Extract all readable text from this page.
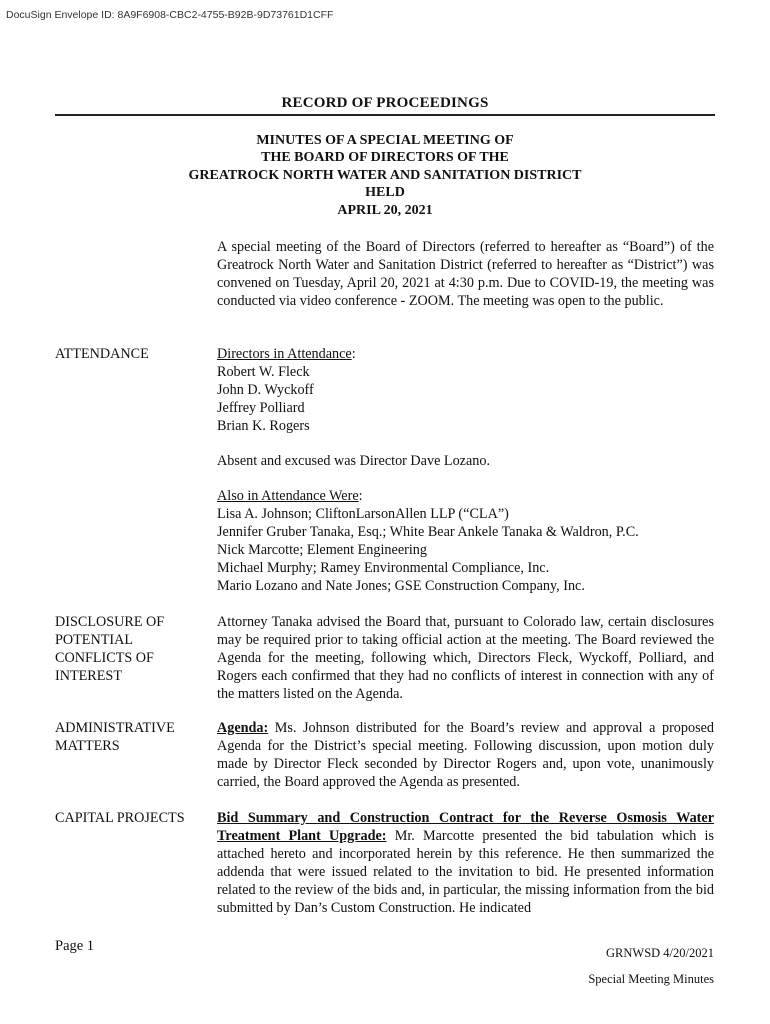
DocuSign Envelope ID: 8A9F6908-CBC2-4755-B92B-9D73761D1CFF
RECORD OF PROCEEDINGS
MINUTES OF A SPECIAL MEETING OF
THE BOARD OF DIRECTORS OF THE
GREATROCK NORTH WATER AND SANITATION DISTRICT
HELD
APRIL 20, 2021

A special meeting of the Board of Directors (referred to hereafter as “Board”) of the Greatrock North Water and Sanitation District (referred to hereafter as “District”) was convened on Tuesday, April 20, 2021 at 4:30 p.m. Due to COVID-19, the meeting was conducted via video conference - ZOOM. The meeting was open to the public.

ATTENDANCE	Directors in Attendance:
Robert W. Fleck
John D. Wyckoff
Jeffrey Polliard
Brian K. Rogers
Absent and excused was Director Dave Lozano.
Also in Attendance Were:
Lisa A. Johnson; CliftonLarsonAllen LLP (“CLA”)
Jennifer Gruber Tanaka, Esq.; White Bear Ankele Tanaka & Waldron, P.C.
Nick Marcotte; Element Engineering
Michael Murphy; Ramey Environmental Compliance, Inc.
Mario Lozano and Nate Jones; GSE Construction Company, Inc.
DISCLOSURE OF
POTENTIAL
CONFLICTS OF
INTEREST

Attorney Tanaka advised the Board that, pursuant to Colorado law, certain disclosures may be required prior to taking official action at the meeting. The Board reviewed the Agenda for the meeting, following which, Directors Fleck, Wyckoff, Polliard, and Rogers each confirmed that they had no conflicts of interest in connection with any of the matters listed on the Agenda.

ADMINISTRATIVE
MATTERS

Agenda: Ms. Johnson distributed for the Board’s review and approval a proposed Agenda for the District’s special meeting. Following discussion, upon motion duly made by Director Fleck seconded by Director Rogers and, upon vote, unanimously carried, the Board approved the Agenda as presented.

CAPITAL PROJECTS	Bid Summary and Construction Contract for the Reverse Osmosis Water Treatment Plant Upgrade: Mr. Marcotte presented the bid tabulation which is attached hereto and incorporated herein by this reference. He then summarized the addenda that were issued related to the invitation to bid. He presented information related to the review of the bids and, in particular, the missing information from the bid submitted by Dan’s Custom Construction. He indicated

Page 1	GRNWSD 4/20/2021
Special Meeting Minutes
